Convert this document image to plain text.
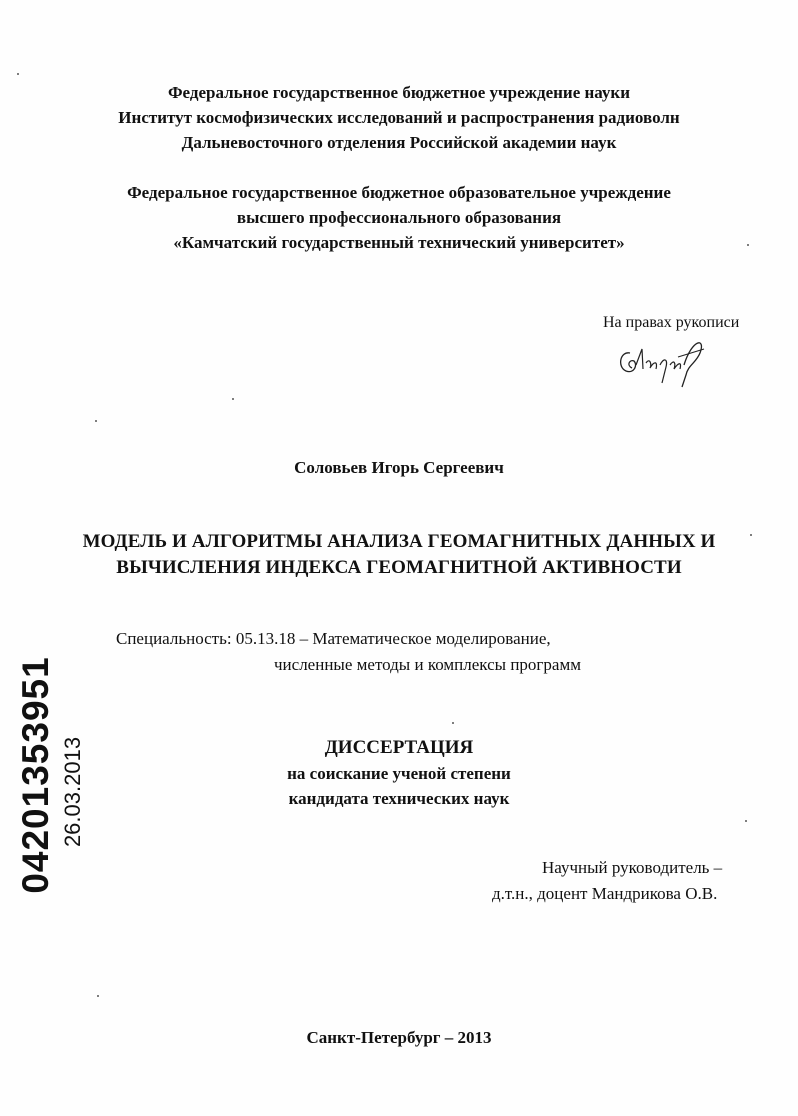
Федеральное государственное бюджетное учреждение науки
Институт космофизических исследований и распространения радиоволн
Дальневосточного отделения Российской академии наук
Федеральное государственное бюджетное образовательное учреждение
высшего профессионального образования
«Камчатский государственный технический университет»
На правах рукописи
Соловьев Игорь Сергеевич
МОДЕЛЬ И АЛГОРИТМЫ АНАЛИЗА ГЕОМАГНИТНЫХ ДАННЫХ И
ВЫЧИСЛЕНИЯ ИНДЕКСА ГЕОМАГНИТНОЙ АКТИВНОСТИ
Специальность: 05.13.18 – Математическое моделирование,
численные методы и комплексы программ
ДИССЕРТАЦИЯ
на соискание ученой степени
кандидата технических наук
Научный руководитель –
д.т.н., доцент Мандрикова О.В.
Санкт-Петербург – 2013
04201353951 26.03.2013
